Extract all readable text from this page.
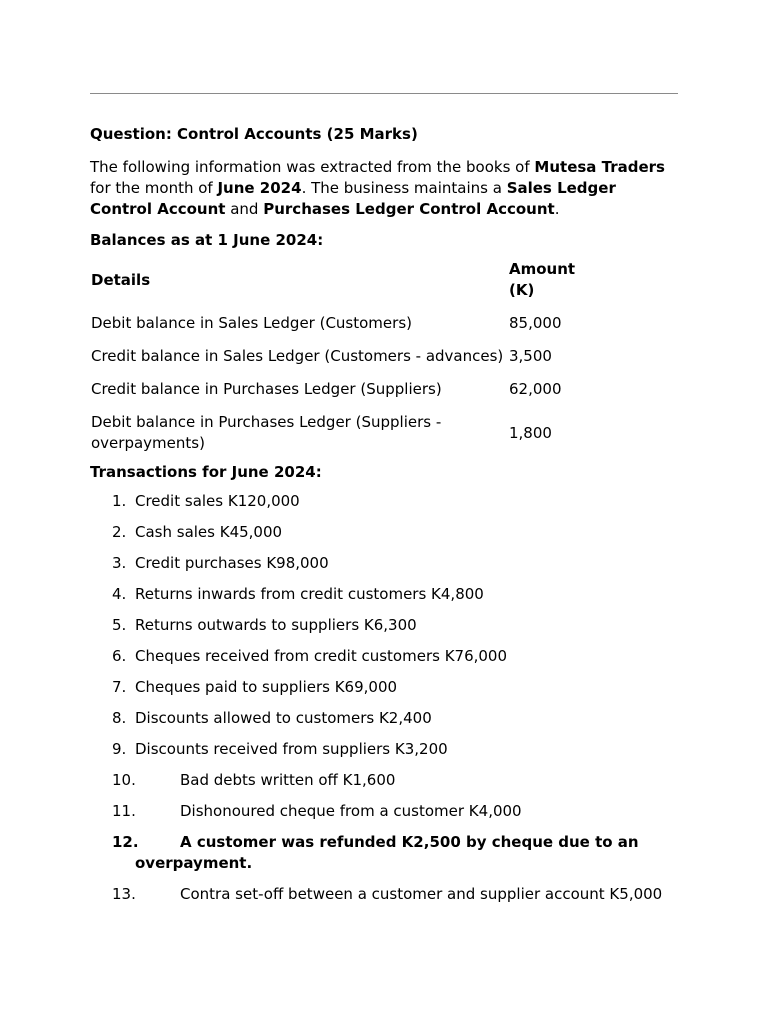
Question: Control Accounts (25 Marks)

The following information was extracted from the books of Mutesa Traders for the month of June 2024. The business maintains a Sales Ledger Control Account and Purchases Ledger Control Account.

Balances as at 1 June 2024:

Details	Amount (K)
Debit balance in Sales Ledger (Customers)	85,000
Credit balance in Sales Ledger (Customers - advances)	3,500
Credit balance in Purchases Ledger (Suppliers)	62,000
Debit balance in Purchases Ledger (Suppliers - overpayments)	1,800

Transactions for June 2024:

1. Credit sales K120,000
2. Cash sales K45,000
3. Credit purchases K98,000
4. Returns inwards from credit customers K4,800
5. Returns outwards to suppliers K6,300
6. Cheques received from credit customers K76,000
7. Cheques paid to suppliers K69,000
8. Discounts allowed to customers K2,400
9. Discounts received from suppliers K3,200
10.	Bad debts written off K1,600
11.	Dishonoured cheque from a customer K4,000
12.	A customer was refunded K2,500 by cheque due to an overpayment.
13.	Contra set-off between a customer and supplier account K5,000
